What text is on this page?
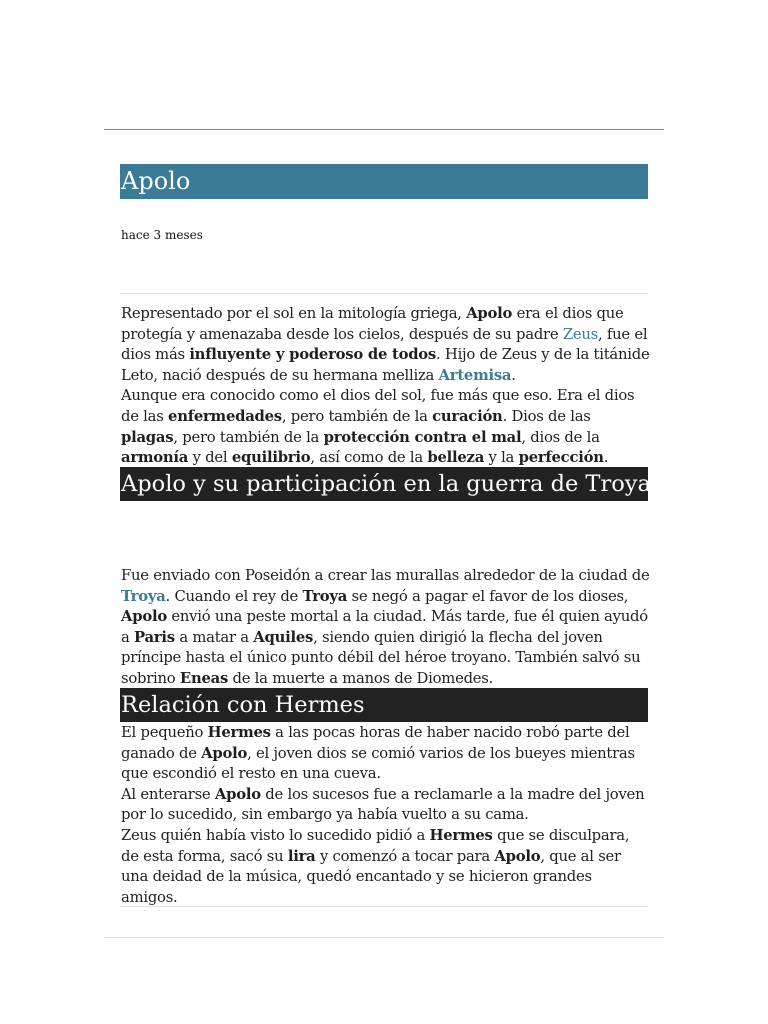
Apolo
hace 3 meses
Representado por el sol en la mitología griega, Apolo era el dios que protegía y amenazaba desde los cielos, después de su padre Zeus, fue el dios más influyente y poderoso de todos. Hijo de Zeus y de la titánide Leto, nació después de su hermana melliza Artemisa.
Aunque era conocido como el dios del sol, fue más que eso. Era el dios de las enfermedades, pero también de la curación. Dios de las plagas, pero también de la protección contra el mal, dios de la armonía y del equilibrio, así como de la belleza y la perfección.
Apolo y su participación en la guerra de Troya
Fue enviado con Poseidón a crear las murallas alrededor de la ciudad de Troya. Cuando el rey de Troya se negó a pagar el favor de los dioses, Apolo envió una peste mortal a la ciudad. Más tarde, fue él quien ayudó a Paris a matar a Aquiles, siendo quien dirigió la flecha del joven príncipe hasta el único punto débil del héroe troyano. También salvó su sobrino Eneas de la muerte a manos de Diomedes.
Relación con Hermes
El pequeño Hermes a las pocas horas de haber nacido robó parte del ganado de Apolo, el joven dios se comió varios de los bueyes mientras que escondió el resto en una cueva.
Al enterarse Apolo de los sucesos fue a reclamarle a la madre del joven por lo sucedido, sin embargo ya había vuelto a su cama.
Zeus quién había visto lo sucedido pidió a Hermes que se disculpara, de esta forma, sacó su lira y comenzó a tocar para Apolo, que al ser una deidad de la música, quedó encantado y se hicieron grandes amigos.
